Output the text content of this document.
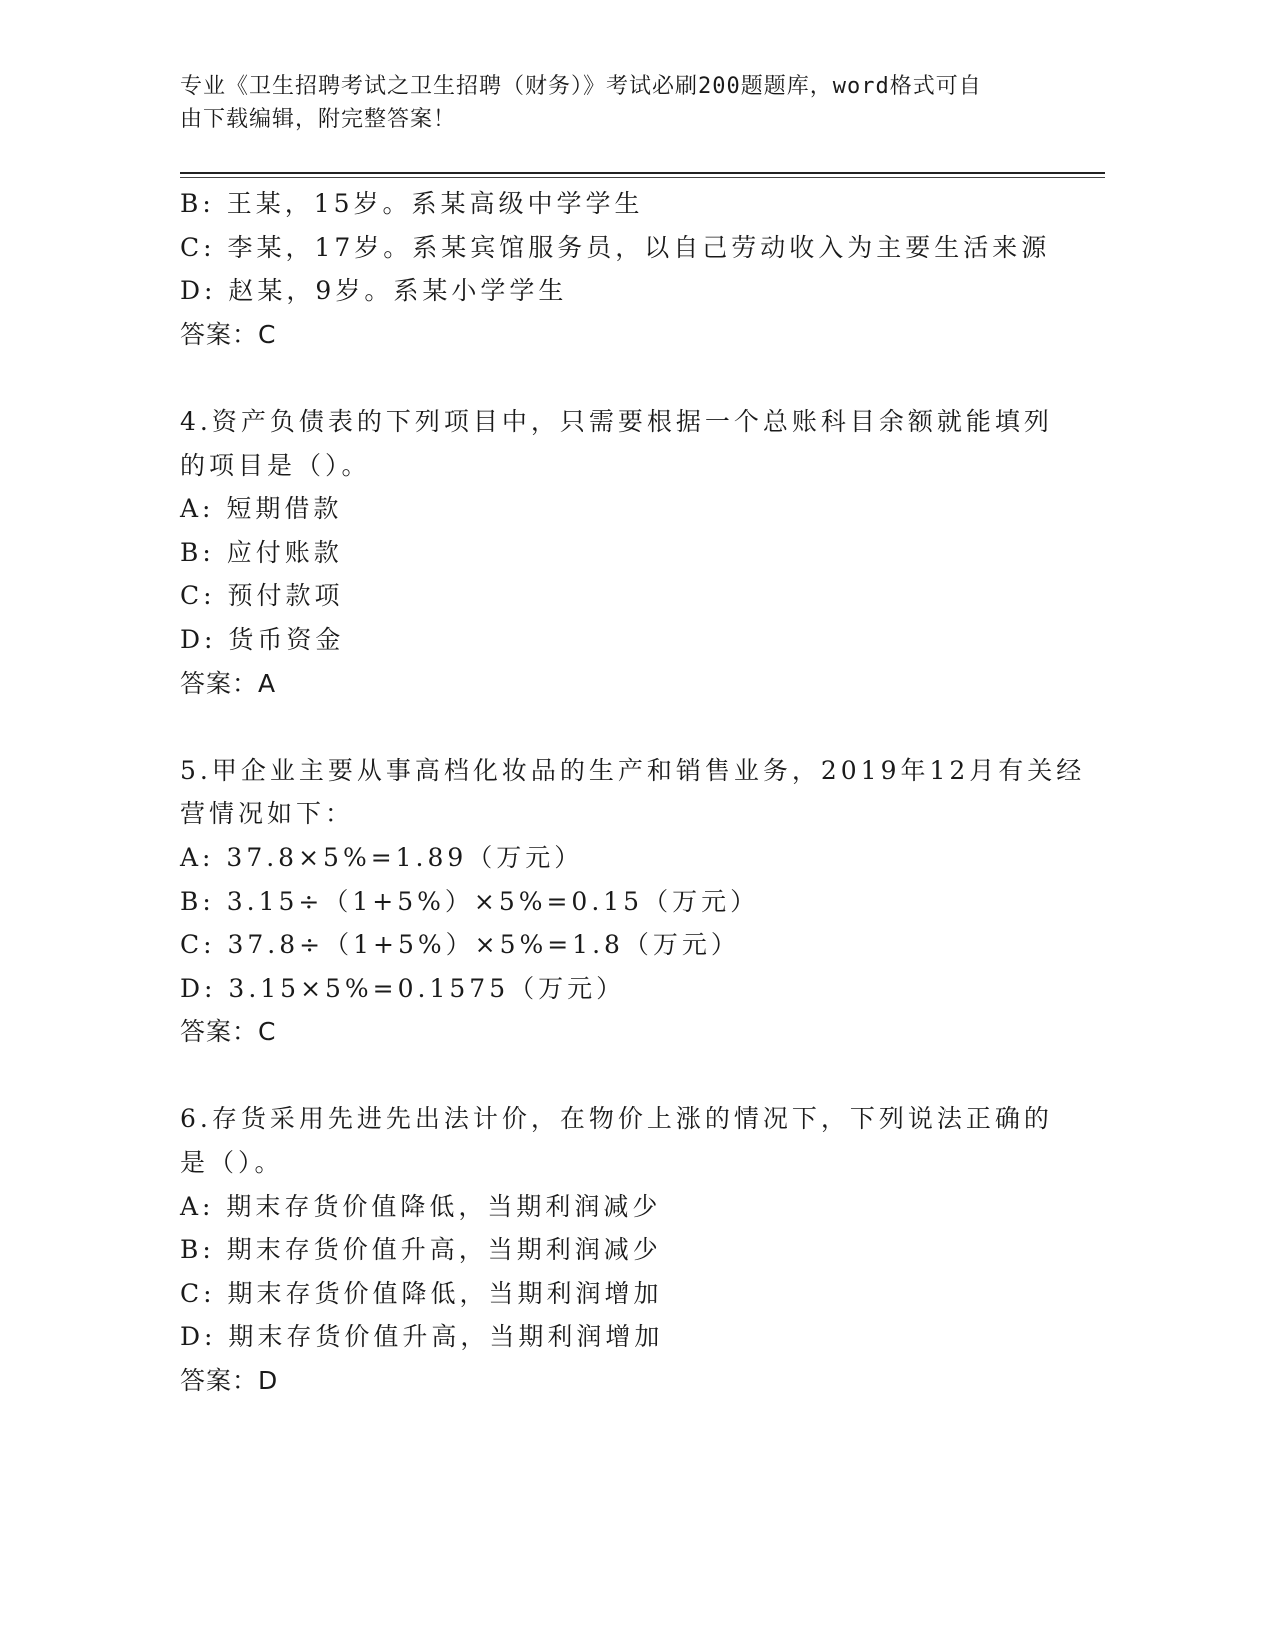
专业《卫生招聘考试之卫生招聘（财务）》考试必刷200题题库，word格式可自
由下载编辑，附完整答案！
B: 王某，15岁。系某高级中学学生
C: 李某，17岁。系某宾馆服务员，以自己劳动收入为主要生活来源
D: 赵某，9岁。系某小学学生
答案：C
4.资产负债表的下列项目中，只需要根据一个总账科目余额就能填列
的项目是（）。
A: 短期借款
B: 应付账款
C: 预付款项
D: 货币资金
答案：A
5.甲企业主要从事高档化妆品的生产和销售业务，2019年12月有关经
营情况如下：
A: 37.8×5%=1.89（万元）
B: 3.15÷（1+5%）×5%=0.15（万元）
C: 37.8÷（1+5%）×5%=1.8（万元）
D: 3.15×5%=0.1575（万元）
答案：C
6.存货采用先进先出法计价，在物价上涨的情况下，下列说法正确的
是（）。
A: 期末存货价值降低，当期利润减少
B: 期末存货价值升高，当期利润减少
C: 期末存货价值降低，当期利润增加
D: 期末存货价值升高，当期利润增加
答案：D
